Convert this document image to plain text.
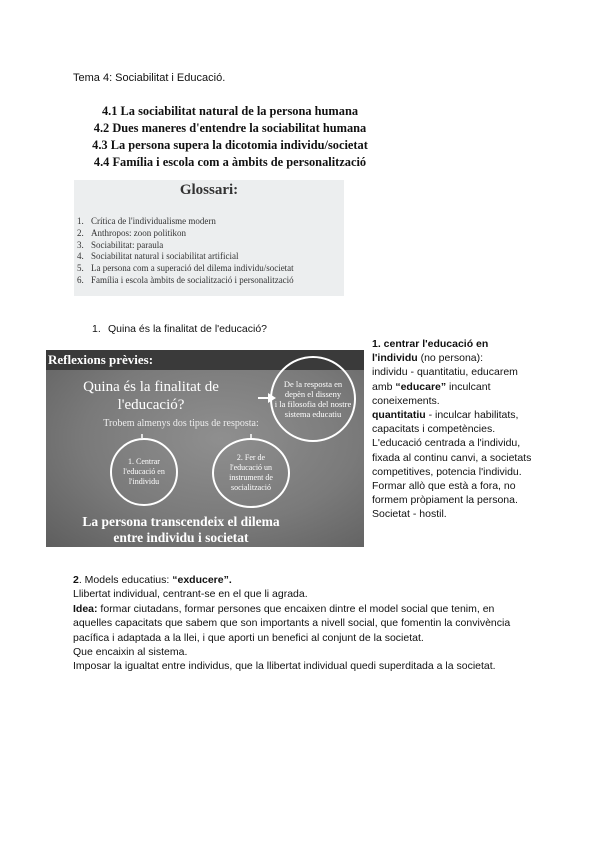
Tema 4: Sociabilitat i Educació.
4.1 La sociabilitat natural de la persona humana
4.2 Dues maneres d'entendre la sociabilitat humana
4.3 La persona supera la dicotomia individu/societat
4.4 Família i escola com a àmbits de personalització
Glossari:
1. Crítica de l'individualisme modern
2. Anthropos: zoon politikon
3. Sociabilitat: paraula
4. Sociabilitat natural i sociabilitat artificial
5. La persona com a superació del dilema individu/societat
6. Família i escola àmbits de socialització i personalització
1. Quina és la finalitat de l'educació?
Reflexions prèvies:
Quina és la finalitat de
l'educació?
Trobem almenys dos tipus de resposta:
De la resposta en
depèn el disseny
i la filosofia del nostre
sistema educatiu
1. Centrar
l'educació en
l'individu
2. Fer de
l'educació un
instrument de
socialització
La persona transcendeix el dilema
entre individu i societat

1. centrar l'educació en l'individu (no persona):

individu - quantitatiu, educarem amb “educare” inculcant coneixements.

quantitatiu - inculcar habilitats, capacitats i competències.

L'educació centrada a l'individu, fixada al continu canvi, a societats competitives, potencia l'individu.

Formar allò que està a fora, no formem pròpiament la persona.

Societat - hostil.

2. Models educatius: “exducere”.

Llibertat individual, centrant-se en el que li agrada.

Idea: formar ciutadans, formar persones que encaixen dintre el model social que tenim, en aquelles capacitats que sabem que son importants a nivell social, que fomentin la convivència pacífica i adaptada a la llei, i que aporti un benefici al conjunt de la societat.

Que encaixin al sistema.

Imposar la igualtat entre individus, que la llibertat individual quedi superditada a la societat.
